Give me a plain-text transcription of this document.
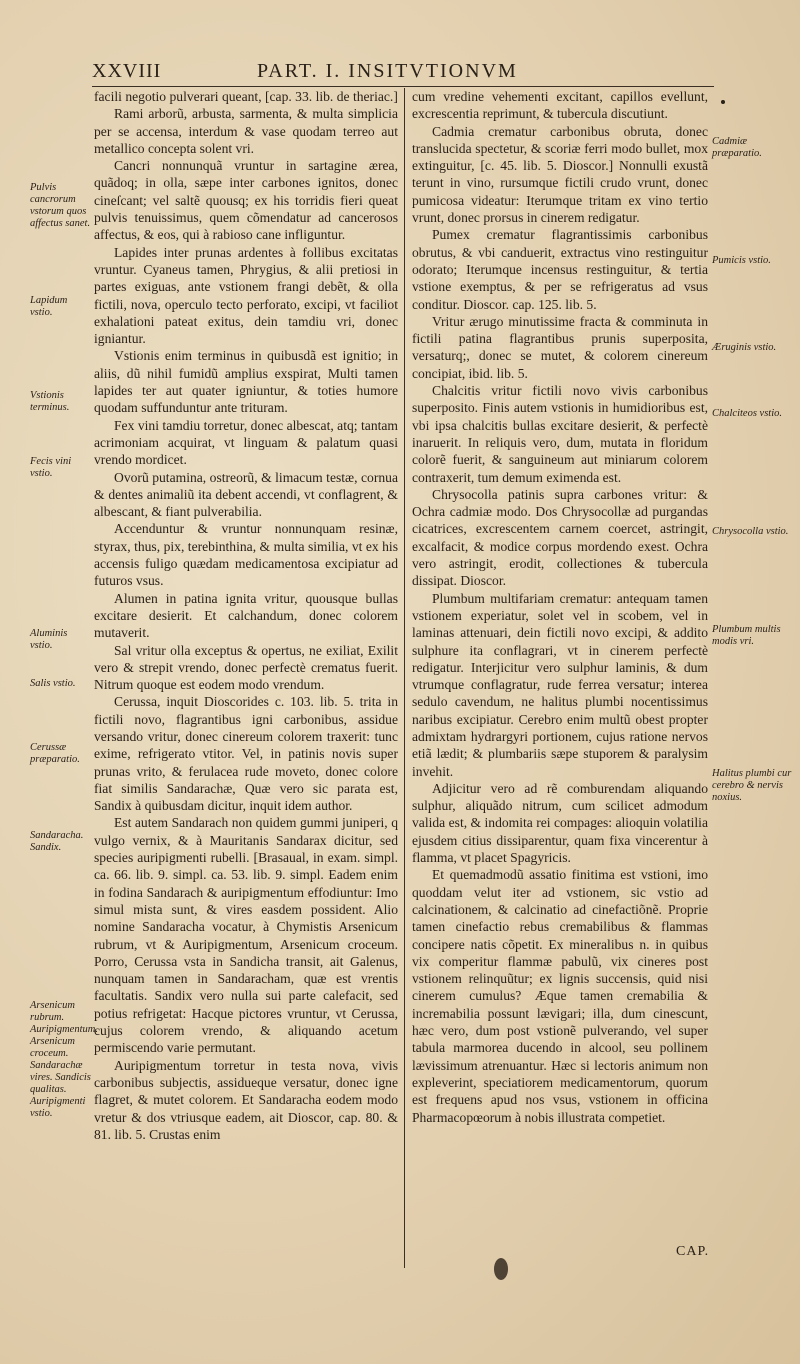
XXVIII	PART. I. INSITVTIONVM

facili negotio pulverari queant, [cap. 33. lib. de theriac.]

Rami arborũ, arbusta, sarmenta, & multa simplicia per se accensa, interdum & vase quodam terreo aut metallico concepta solent vri.

Cancri nonnunquã vruntur in sartagine ærea, quãdoq; in olla, sæpe inter carbones ignitos, donec cineſcant; vel saltẽ quousq; ex his torridis fieri queat pulvis tenuissimus, quem cõmendatur ad cancerosos affectus, & eos, qui à rabioso cane infliguntur.

Lapides inter prunas ardentes à follibus excitatas vruntur. Cyaneus tamen, Phrygius, & alii pretiosi in partes exiguas, ante vstionem frangi debẽt, & olla fictili, nova, operculo tecto perforato, excipi, vt faciliot exhalationi pateat exitus, dein tamdiu vri, donec igniantur.

Vstionis enim terminus in quibusdã est ignitio; in aliis, dũ nihil fumidũ amplius exspirat, Multi tamen lapides ter aut quater igniuntur, & toties humore quodam suffunduntur ante trituram.

Fex vini tamdiu torretur, donec albescat, atq; tantam acrimoniam acquirat, vt linguam & palatum quasi vrendo mordicet.

Ovorũ putamina, ostreorũ, & limacum testæ, cornua & dentes animaliũ ita debent accendi, vt conflagrent, & albescant, & fiant pulverabilia.

Accenduntur & vruntur nonnunquam resinæ, styrax, thus, pix, terebinthina, & multa similia, vt ex his accensis fuligo quædam medicamentosa excipiatur ad futuros vsus.

Alumen in patina ignita vritur, quousque bullas excitare desierit. Et calchandum, donec colorem mutaverit.

Sal vritur olla exceptus & opertus, ne exiliat, Exilit vero & strepit vrendo, donec perfectè crematus fuerit. Nitrum quoque est eodem modo vrendum.

Cerussa, inquit Dioscorides c. 103. lib. 5. trita in fictili novo, flagrantibus igni carbonibus, assidue versando vritur, donec cinereum colorem traxerit: tunc exime, refrigerato vtitor. Vel, in patinis novis super prunas vrito, & ferulacea rude moveto, donec colore fiat similis Sandarachæ, Quæ vero sic parata est, Sandix à quibusdam dicitur, inquit idem author.

Est autem Sandarach non quidem gummi juniperi, q vulgo vernix, & à Mauritanis Sandarax dicitur, sed species auripigmenti rubelli. [Brasaual, in exam. simpl. ca. 66. lib. 9. simpl. ca. 53. lib. 9. simpl. Eadem enim in fodina Sandarach & auripigmentum effodiuntur: Imo simul mista sunt, & vires easdem possident. Alio nomine Sandaracha vocatur, à Chymistis Arsenicum rubrum, vt & Auripigmentum, Arsenicum croceum. Porro, Cerussa vsta in Sandicha transit, ait Galenus, nunquam tamen in Sandaracham, quæ est vrentis facultatis. Sandix vero nulla sui parte calefacit, sed potius refrigetat: Hacque pictores vruntur, vt Cerussa, cujus colorem vrendo, & aliquando acetum permiscendo varie permutant.

Auripigmentum torretur in testa nova, vivis carbonibus subjectis, assidueque versatur, donec igne flagret, & mutet colorem. Et Sandaracha eodem modo vretur & dos vtriusque eadem, ait Dioscor, cap. 80. & 81. lib. 5. Crustas enim

cum vredine vehementi excitant, capillos evellunt, excrescentia reprimunt, & tubercula discutiunt.

Cadmia crematur carbonibus obruta, donec translucida spectetur, & scoriæ ferri modo bullet, mox extinguitur, [c. 45. lib. 5. Dioscor.] Nonnulli exustã terunt in vino, rursumque fictili crudo vrunt, donec pumicosa videatur: Iterumque tritam ex vino tertio vrunt, donec prorsus in cinerem redigatur.

Pumex crematur flagrantissimis carbonibus obrutus, & vbi canduerit, extractus vino restinguitur odorato; Iterumque incensus restinguitur, & tertia vstione exemptus, & per se refrigeratus ad vsus conditur. Dioscor. cap. 125. lib. 5.

Vritur ærugo minutissime fracta & comminuta in fictili patina flagrantibus prunis superposita, versaturq;, donec se mutet, & colorem cinereum concipiat, ibid. lib. 5.

Chalcitis vritur fictili novo vivis carbonibus superposito. Finis autem vstionis in humidioribus est, vbi ipsa chalcitis bullas excitare desierit, & perfectè inaruerit. In reliquis vero, dum, mutata in floridum colorẽ fuerit, & sanguineum aut miniarum colorem contraxerit, tum demum eximenda est.

Chrysocolla patinis supra carbones vritur: & Ochra cadmiæ modo. Dos Chrysocollæ ad purgandas cicatrices, excrescentem carnem coercet, astringit, excalfacit, & modice corpus mordendo exest. Ochra vero astringit, erodit, collectiones & tubercula dissipat. Dioscor.

Plumbum multifariam crematur: antequam tamen vstionem experiatur, solet vel in scobem, vel in laminas attenuari, dein fictili novo excipi, & addito sulphure ita conflagrari, vt in cinerem perfectè redigatur. Interjicitur vero sulphur laminis, & dum vtrumque conflagratur, rude ferrea versatur; interea sedulo cavendum, ne halitus plumbi nocentissimus naribus excipiatur. Cerebro enim multũ obest propter admixtam hydrargyri portionem, cujus ratione nervos etiã lædit; & plumbariis sæpe stuporem & paralysim invehit.

Adjicitur vero ad rẽ comburendam aliquando sulphur, aliquãdo nitrum, cum scilicet admodum valida est, & indomita rei compages: alioquin volatilia ejusdem citius dissiparentur, quam fixa vincerentur à flamma, vt placet Spagyricis.

Et quemadmodũ assatio finitima est vstioni, imo quoddam velut iter ad vstionem, sic vstio ad calcinationem, & calcinatio ad cinefactiõnẽ. Proprie tamen cinefactio rebus cremabilibus & flammas concipere natis cõpetit. Ex mineralibus n. in quibus vix comperitur flammæ pabulũ, vix cineres post vstionem relinquũtur; ex lignis succensis, quid nisi cinerem cumulus? Æque tamen cremabilia & incremabilia possunt lævigari; illa, dum cinescunt, hæc vero, dum post vstionẽ pulverando, vel super tabula marmorea ducendo in alcool, seu pollinem lævissimum atrenuantur. Hæc si lectoris animum non expleverint, speciatiorem medicamentorum, quorum est frequens apud nos vsus, vstionem in officina Pharmacopœorum à nobis illustrata competiet.

Pulvis cancrorum vstorum quos affectus sanet.
Lapidum vstio.
Vstionis terminus.
Fecis vini vstio.
Aluminis vstio.
Salis vstio.
Cerussæ præparatio.
Sandaracha. Sandix.
Arsenicum rubrum. Auripigmentum. Arsenicum croceum. Sandarachæ vires. Sandicis qualitas. Auripigmenti vstio.
Cadmiæ præparatio.
Pumicis vstio.
Æruginis vstio.
Chalciteos vstio.
Chrysocolla vstio.
Plumbum multis modis vri.
Halitus plumbi cur cerebro & nervis noxius.
CAP.
